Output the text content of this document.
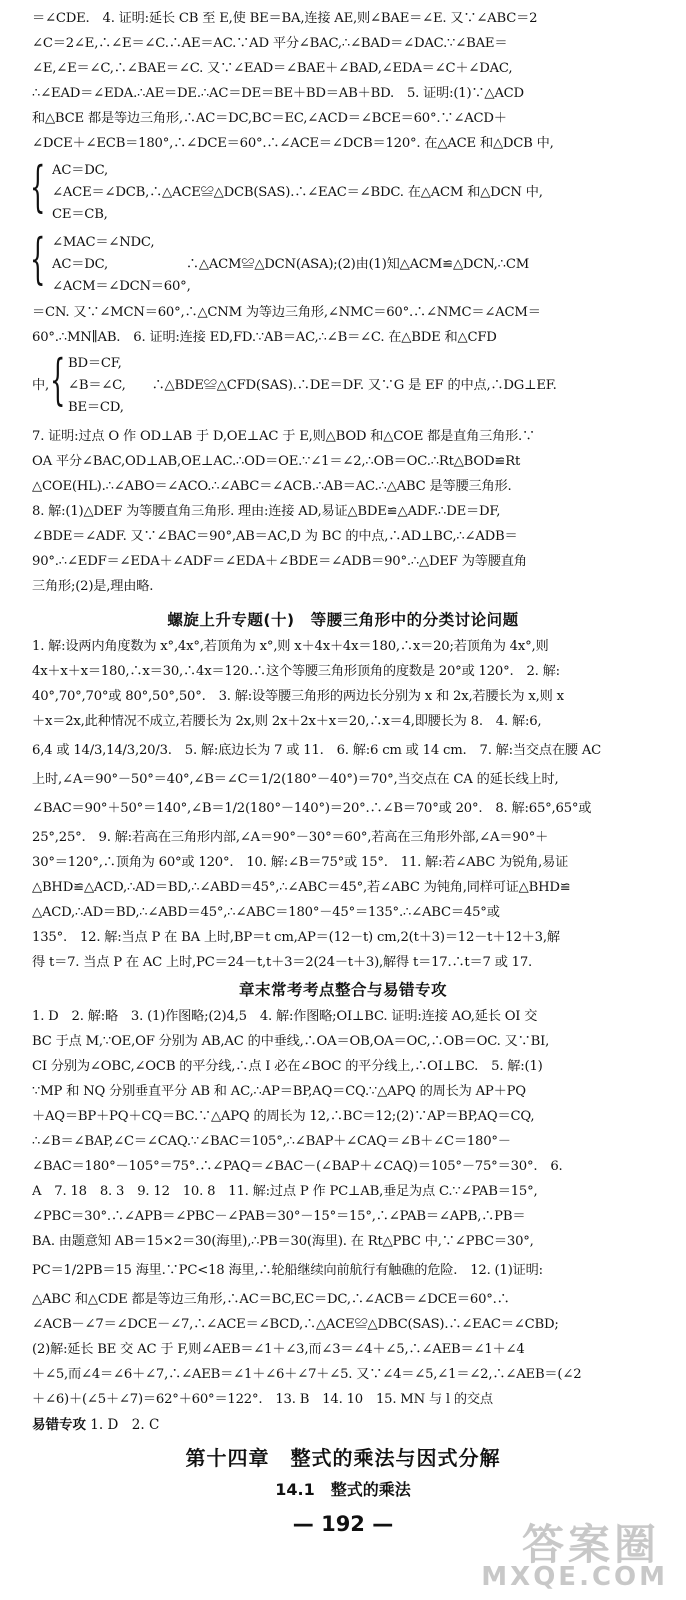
＝∠CDE.　4. 证明:延长 CB 至 E,使 BE＝BA,连接 AE,则∠BAE＝∠E. 又∵∠ABC＝2
∠C＝2∠E,∴∠E＝∠C.∴AE＝AC.∵AD 平分∠BAC,∴∠BAD＝∠DAC.∵∠BAE＝
∠E,∠E＝∠C,∴∠BAE＝∠C. 又∵∠EAD＝∠BAE＋∠BAD,∠EDA＝∠C＋∠DAC,
∴∠EAD＝∠EDA.∴AE＝DE.∴AC＝DE＝BE＋BD＝AB＋BD.　5. 证明:(1)∵△ACD
和△BCE 都是等边三角形,∴AC＝DC,BC＝EC,∠ACD＝∠BCE＝60°.∵∠ACD＋
∠DCE＋∠ECB＝180°,∴∠DCE＝60°.∴∠ACE＝∠DCB＝120°. 在△ACE 和△DCB 中,
{ AC＝DC,
∠ACE＝∠DCB,∴△ACE≌△DCB(SAS).∴∠EAC＝∠BDC. 在△ACM 和△DCN 中,
CE＝CB,
{ ∠MAC＝∠NDC,
AC＝DC,　　　　　　∴△ACM≌△DCN(ASA);(2)由(1)知△ACM≌△DCN,∴CM
∠ACM＝∠DCN＝60°,
＝CN. 又∵∠MCN＝60°,∴△CNM 为等边三角形,∠NMC＝60°.∴∠NMC＝∠ACM＝
60°.∴MN∥AB.　6. 证明:连接 ED,FD.∵AB＝AC,∴∠B＝∠C. 在△BDE 和△CFD
中, { BD＝CF,
∠B＝∠C,　　∴△BDE≌△CFD(SAS).∴DE＝DF. 又∵G 是 EF 的中点,∴DG⊥EF.
BE＝CD,
7. 证明:过点 O 作 OD⊥AB 于 D,OE⊥AC 于 E,则△BOD 和△COE 都是直角三角形.∵
OA 平分∠BAC,OD⊥AB,OE⊥AC.∴OD＝OE.∵∠1＝∠2,∴OB＝OC.∴Rt△BOD≌Rt
△COE(HL).∴∠ABO＝∠ACO.∴∠ABC＝∠ACB.∴AB＝AC.∴△ABC 是等腰三角形.
8. 解:(1)△DEF 为等腰直角三角形. 理由:连接 AD,易证△BDE≌△ADF.∴DE＝DF,
∠BDE＝∠ADF. 又∵∠BAC＝90°,AB＝AC,D 为 BC 的中点,∴AD⊥BC,∴∠ADB＝
90°.∴∠EDF＝∠EDA＋∠ADF＝∠EDA＋∠BDE＝∠ADB＝90°.∴△DEF 为等腰直角
三角形;(2)是,理由略.
螺旋上升专题(十)　等腰三角形中的分类讨论问题
1. 解:设两内角度数为 x°,4x°,若顶角为 x°,则 x＋4x＋4x＝180,∴x＝20;若顶角为 4x°,则
4x＋x＋x＝180,∴x＝30,∴4x＝120.∴这个等腰三角形顶角的度数是 20°或 120°.　2. 解:
40°,70°,70°或 80°,50°,50°.　3. 解:设等腰三角形的两边长分别为 x 和 2x,若腰长为 x,则 x
＋x＝2x,此种情况不成立,若腰长为 2x,则 2x＋2x＋x＝20,∴x＝4,即腰长为 8.　4. 解:6,
6,4 或 14/3,14/3,20/3.　5. 解:底边长为 7 或 11.　6. 解:6 cm 或 14 cm.　7. 解:当交点在腰 AC
上时,∠A＝90°－50°＝40°,∠B＝∠C＝1/2(180°－40°)＝70°,当交点在 CA 的延长线上时,
∠BAC＝90°＋50°＝140°,∠B＝1/2(180°－140°)＝20°.∴∠B＝70°或 20°.　8. 解:65°,65°或
25°,25°.　9. 解:若高在三角形内部,∠A＝90°－30°＝60°,若高在三角形外部,∠A＝90°＋
30°＝120°,∴顶角为 60°或 120°.　10. 解:∠B＝75°或 15°.　11. 解:若∠ABC 为锐角,易证
△BHD≌△ACD,∴AD＝BD,∴∠ABD＝45°,∴∠ABC＝45°,若∠ABC 为钝角,同样可证△BHD≌
△ACD,∴AD＝BD,∴∠ABD＝45°,∴∠ABC＝180°－45°＝135°.∴∠ABC＝45°或
135°.　12. 解:当点 P 在 BA 上时,BP＝t cm,AP＝(12－t) cm,2(t＋3)＝12－t＋12＋3,解
得 t＝7. 当点 P 在 AC 上时,PC＝24－t,t＋3＝2(24－t＋3),解得 t＝17.∴t＝7 或 17.
章末常考考点整合与易错专攻
1. D　2. 解:略　3. (1)作图略;(2)4,5　4. 解:作图略;OI⊥BC. 证明:连接 AO,延长 OI 交
BC 于点 M,∵OE,OF 分别为 AB,AC 的中垂线,∴OA＝OB,OA＝OC,∴OB＝OC. 又∵BI,
CI 分别为∠OBC,∠OCB 的平分线,∴点 I 必在∠BOC 的平分线上,∴OI⊥BC.　5. 解:(1)
∵MP 和 NQ 分别垂直平分 AB 和 AC,∴AP＝BP,AQ＝CQ.∵△APQ 的周长为 AP＋PQ
＋AQ＝BP＋PQ＋CQ＝BC.∵△APQ 的周长为 12,∴BC＝12;(2)∵AP＝BP,AQ＝CQ,
∴∠B＝∠BAP,∠C＝∠CAQ.∵∠BAC＝105°,∴∠BAP＋∠CAQ＝∠B＋∠C＝180°－
∠BAC＝180°－105°＝75°.∴∠PAQ＝∠BAC－(∠BAP＋∠CAQ)＝105°－75°＝30°.　6.
A　7. 18　8. 3　9. 12　10. 8　11. 解:过点 P 作 PC⊥AB,垂足为点 C.∵∠PAB＝15°,
∠PBC＝30°.∴∠APB＝∠PBC－∠PAB＝30°－15°＝15°,∴∠PAB＝∠APB,∴PB＝
BA. 由题意知 AB＝15×2＝30(海里),∴PB＝30(海里). 在 Rt△PBC 中,∵∠PBC＝30°,
PC＝1/2PB＝15 海里.∵PC<18 海里,∴轮船继续向前航行有触礁的危险.　12. (1)证明:
△ABC 和△CDE 都是等边三角形,∴AC＝BC,EC＝DC,∴∠ACB＝∠DCE＝60°.∴
∠ACB－∠7＝∠DCE－∠7,∴∠ACE＝∠BCD,∴△ACE≌△DBC(SAS).∴∠EAC＝∠CBD;
(2)解:延长 BE 交 AC 于 F,则∠AEB＝∠1＋∠3,而∠3＝∠4＋∠5,∴∠AEB＝∠1＋∠4
＋∠5,而∠4＝∠6＋∠7,∴∠AEB＝∠1＋∠6＋∠7＋∠5. 又∵∠4＝∠5,∠1＝∠2,∴∠AEB＝(∠2
＋∠6)＋(∠5＋∠7)＝62°＋60°＝122°.　13. B　14. 10　15. MN 与 l 的交点
易错专攻 1. D　2. C
第十四章　整式的乘法与因式分解
14.1　整式的乘法
— 192 —	答案圈
MXQE.COM
